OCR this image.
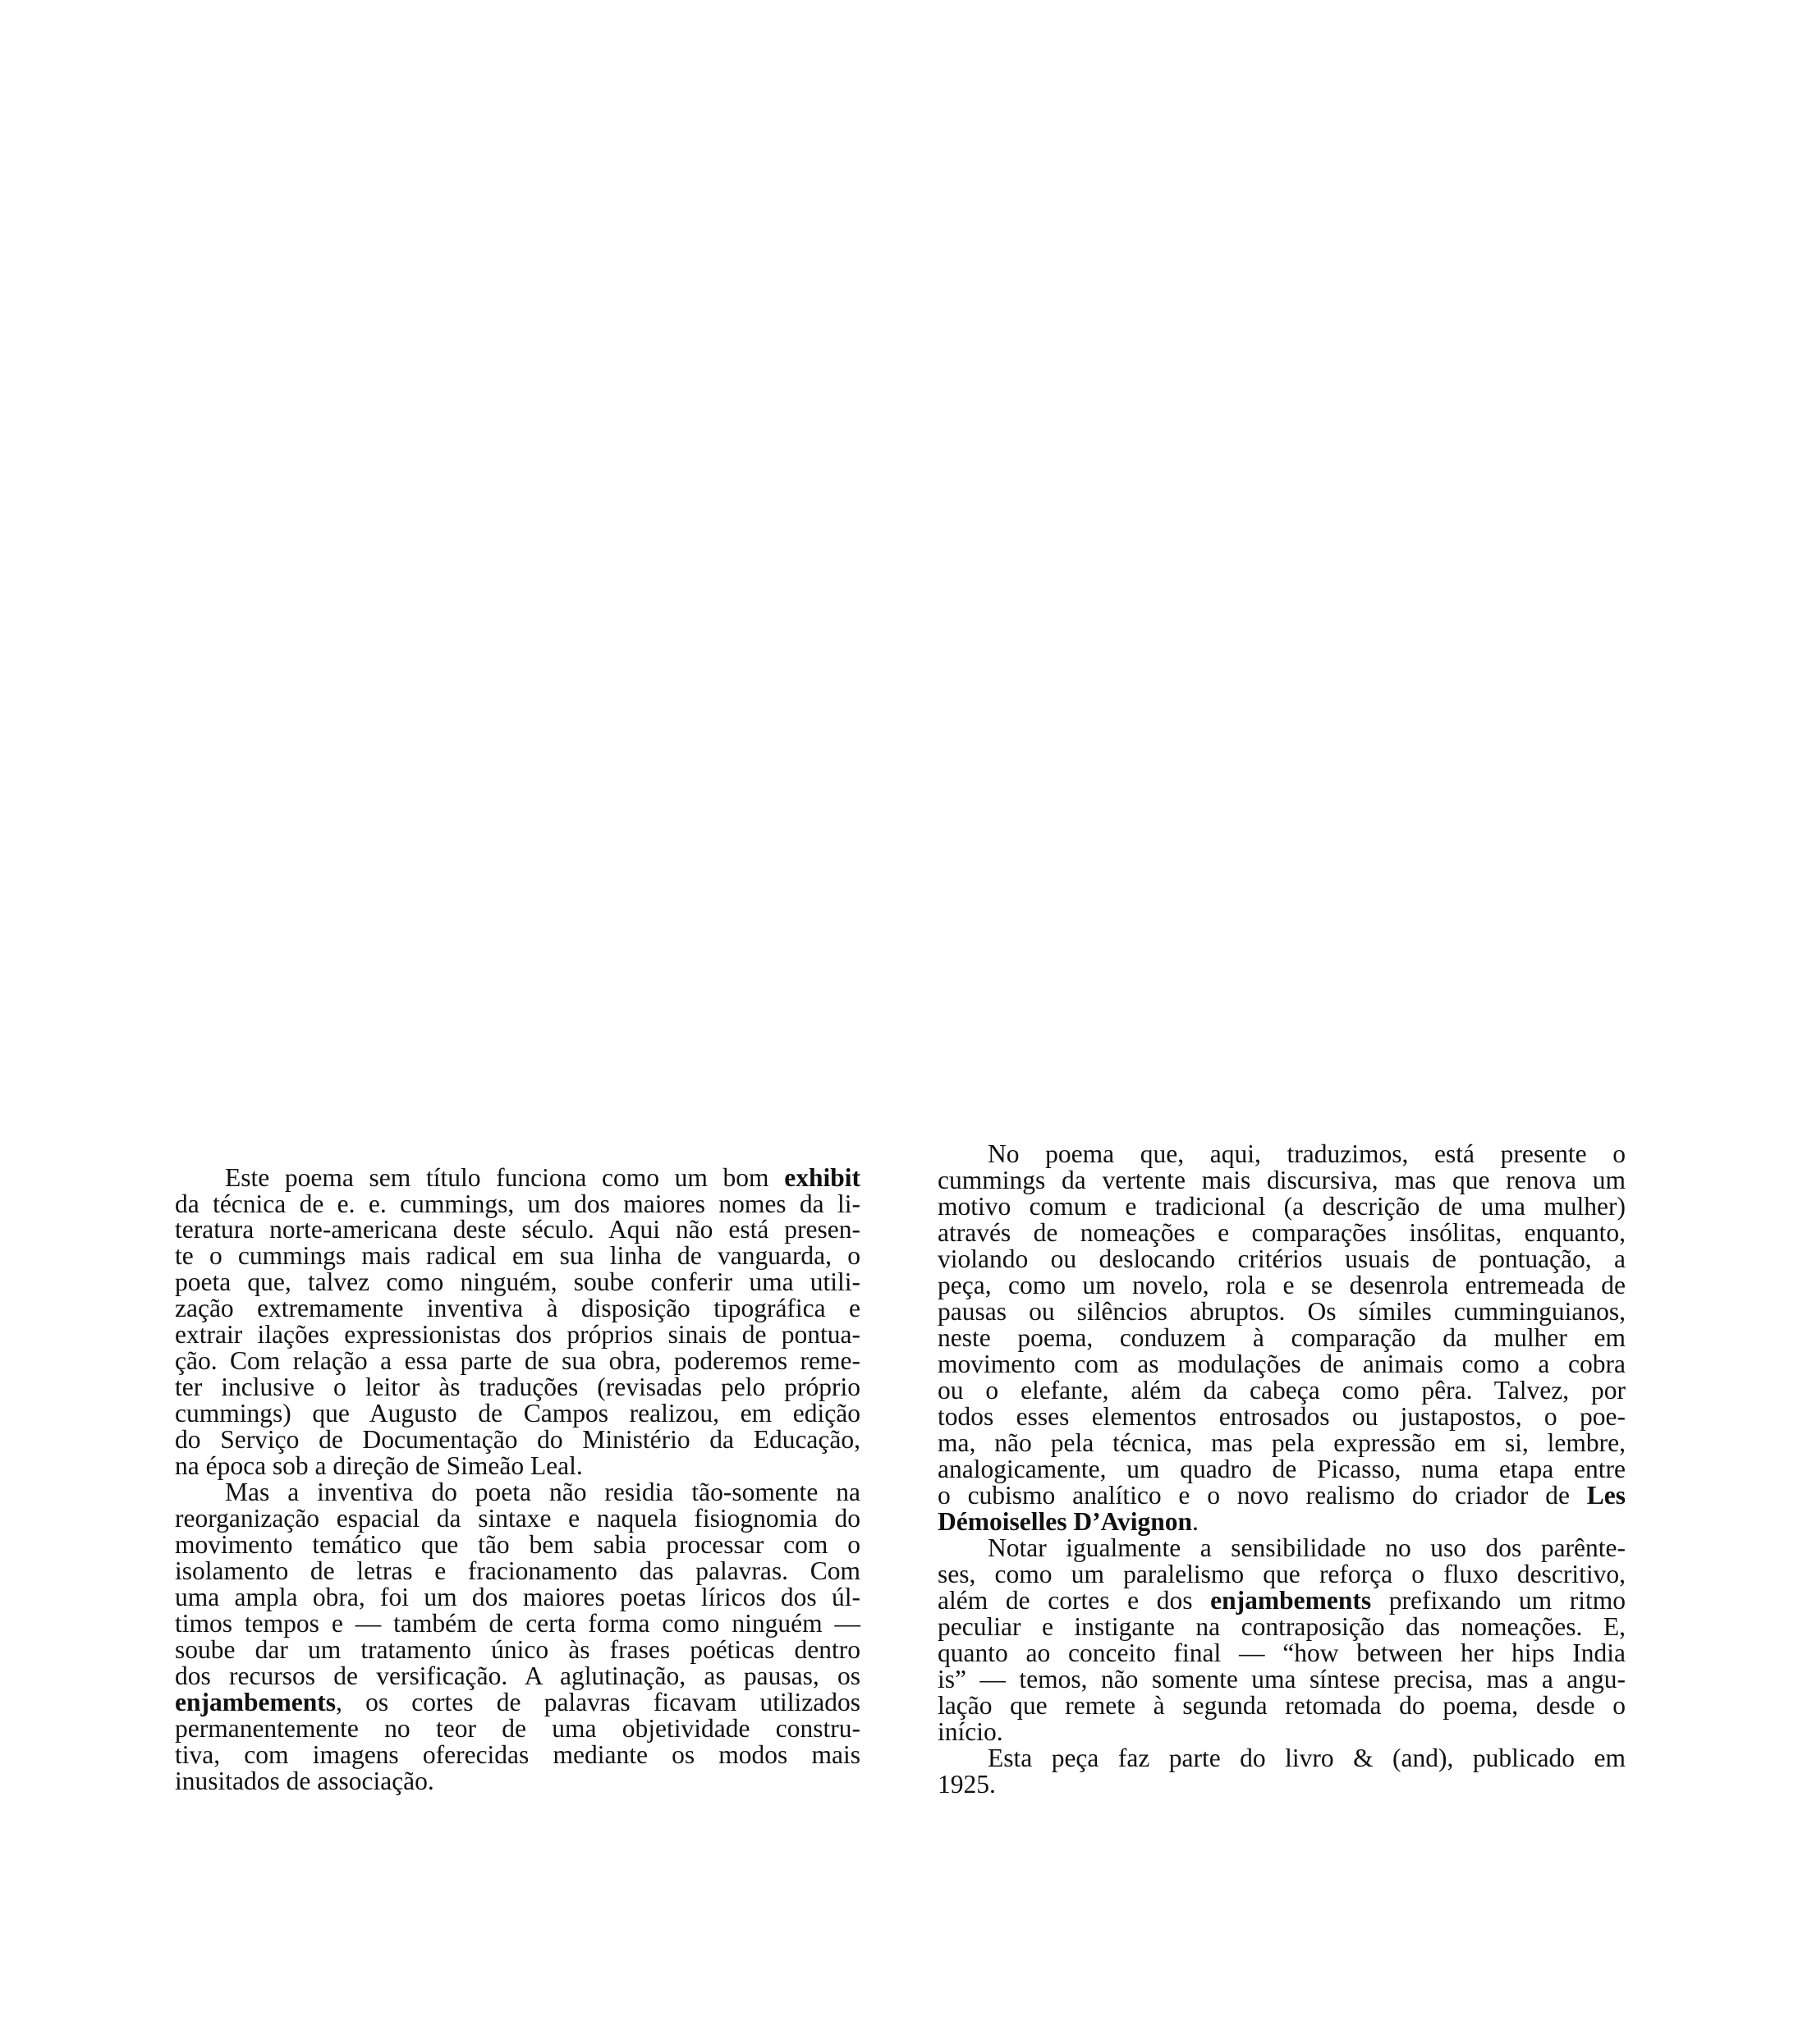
Este poema sem título funciona como um bom exhibit
da técnica de e. e. cummings, um dos maiores nomes da li-
teratura norte-americana deste século. Aqui não está presen-
te o cummings mais radical em sua linha de vanguarda, o
poeta que, talvez como ninguém, soube conferir uma utili-
zação extremamente inventiva à disposição tipográfica e
extrair ilações expressionistas dos próprios sinais de pontua-
ção. Com relação a essa parte de sua obra, poderemos reme-
ter inclusive o leitor às traduções (revisadas pelo próprio
cummings) que Augusto de Campos realizou, em edição
do Serviço de Documentação do Ministério da Educação,
na época sob a direção de Simeão Leal.
Mas a inventiva do poeta não residia tão-somente na
reorganização espacial da sintaxe e naquela fisiognomia do
movimento temático que tão bem sabia processar com o
isolamento de letras e fracionamento das palavras. Com
uma ampla obra, foi um dos maiores poetas líricos dos úl-
timos tempos e — também de certa forma como ninguém —
soube dar um tratamento único às frases poéticas dentro
dos recursos de versificação. A aglutinação, as pausas, os
enjambements, os cortes de palavras ficavam utilizados
permanentemente no teor de uma objetividade constru-
tiva, com imagens oferecidas mediante os modos mais
inusitados de associação.
No poema que, aqui, traduzimos, está presente o
cummings da vertente mais discursiva, mas que renova um
motivo comum e tradicional (a descrição de uma mulher)
através de nomeações e comparações insólitas, enquanto,
violando ou deslocando critérios usuais de pontuação, a
peça, como um novelo, rola e se desenrola entremeada de
pausas ou silêncios abruptos. Os símiles cumminguianos,
neste poema, conduzem à comparação da mulher em
movimento com as modulações de animais como a cobra
ou o elefante, além da cabeça como pêra. Talvez, por
todos esses elementos entrosados ou justapostos, o poe-
ma, não pela técnica, mas pela expressão em si, lembre,
analogicamente, um quadro de Picasso, numa etapa entre
o cubismo analítico e o novo realismo do criador de Les
Démoiselles D’Avignon.
Notar igualmente a sensibilidade no uso dos parênte-
ses, como um paralelismo que reforça o fluxo descritivo,
além de cortes e dos enjambements prefixando um ritmo
peculiar e instigante na contraposição das nomeações. E,
quanto ao conceito final — “how between her hips India
is” — temos, não somente uma síntese precisa, mas a angu-
lação que remete à segunda retomada do poema, desde o
início.
Esta peça faz parte do livro & (and), publicado em
1925.
